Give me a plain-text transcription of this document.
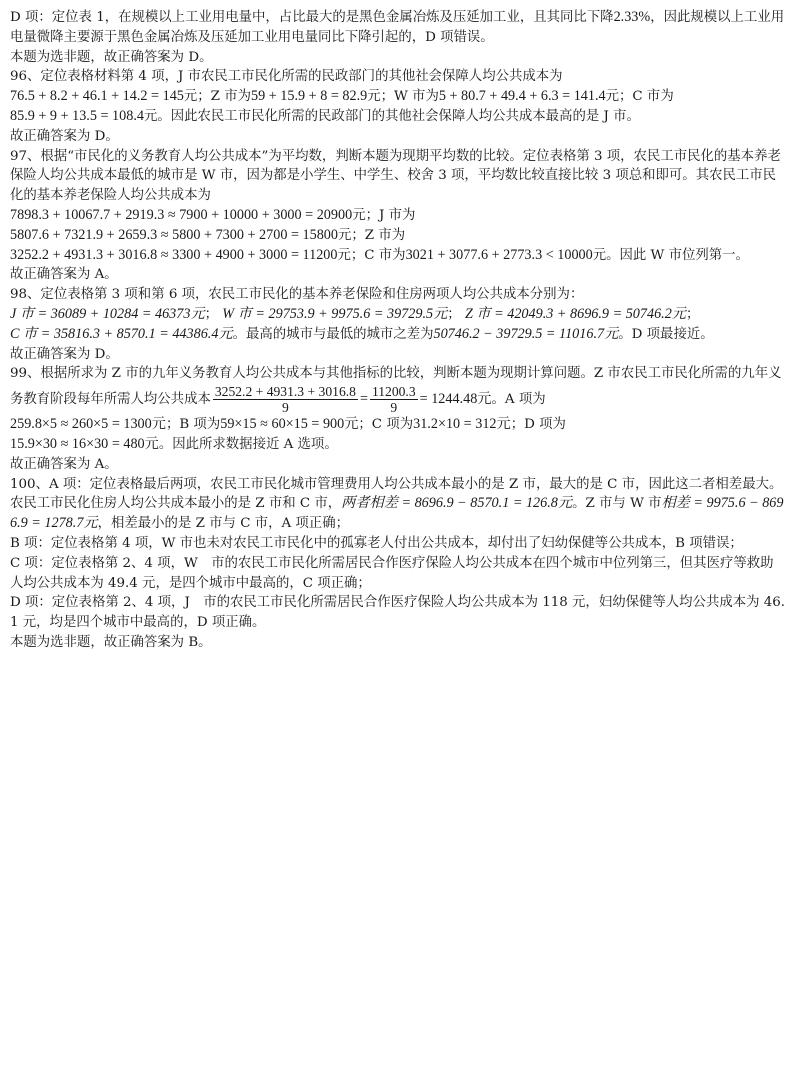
D 项：定位表 1，在规模以上工业用电量中，占比最大的是黑色金属冶炼及压延加工业，且其同比下降2.33%，因此规模以上工业用电量微降主要源于黑色金属冶炼及压延加工业用电量同比下降引起的，D 项错误。

本题为选非题，故正确答案为 D。

96、定位表格材料第 4 项，J 市农民工市民化所需的民政部门的其他社会保障人均公共成本为
76.5 + 8.2 + 46.1 + 14.2 = 145元；Z 市为59 + 15.9 + 8 = 82.9元；W 市为5 + 80.7 + 49.4 + 6.3 = 141.4元；C 市为
85.9 + 9 + 13.5 = 108.4元。因此农民工市民化所需的民政部门的其他社会保障人均公共成本最高的是 J 市。

故正确答案为 D。

97、根据“市民化的义务教育人均公共成本”为平均数，判断本题为现期平均数的比较。定位表格第 3 项，农民工市民化的基本养老保险人均公共成本最低的城市是 W 市，因为都是小学生、中学生、校舍 3 项，平均数比较直接比较 3 项总和即可。其农民工市民化的基本养老保险人均公共成本为
7898.3 + 10067.7 + 2919.3 ≈ 7900 + 10000 + 3000 = 20900元；J 市为
5807.6 + 7321.9 + 2659.3 ≈ 5800 + 7300 + 2700 = 15800元；Z 市为
3252.2 + 4931.3 + 3016.8 ≈ 3300 + 4900 + 3000 = 11200元；C 市为3021 + 3077.6 + 2773.3 < 10000元。因此 W 市位列第一。

故正确答案为 A。

98、定位表格第 3 项和第 6 项，农民工市民化的基本养老保险和住房两项人均公共成本分别为：
J 市 = 36089 + 10284 = 46373元； W 市 = 29753.9 + 9975.6 = 39729.5元； Z 市 = 42049.3 + 8696.9 = 50746.2元；
C 市 = 35816.3 + 8570.1 = 44386.4元。最高的城市与最低的城市之差为50746.2 − 39729.5 = 11016.7元。D 项最接近。

故正确答案为 D。

99、根据所求为 Z 市的九年义务教育人均公共成本与其他指标的比较，判断本题为现期计算问题。Z 市农民工市民化所需的九年义务教育阶段每年所需人均公共成本 $\frac{3252.2 + 4931.3 + 3016.8}{9} = \frac{11200.3}{9} = 1244.48$元。A 项为
259.8×5 ≈ 260×5 = 1300元；B 项为59×15 ≈ 60×15 = 900元；C 项为31.2×10 = 312元；D 项为
15.9×30 ≈ 16×30 = 480元。因此所求数据接近 A 选项。

故正确答案为 A。

100、A 项：定位表格最后两项，农民工市民化城市管理费用人均公共成本最小的是 Z 市，最大的是 C 市，因此这二者相差最大。农民工市民化住房人均公共成本最小的是 Z 市和 C 市，两者相差 = 8696.9 − 8570.1 = 126.8元。Z 市与 W 市相差 = 9975.6 − 8696.9 = 1278.7元，相差最小的是 Z 市与 C 市，A 项正确；

B 项：定位表格第 4 项，W 市也未对农民工市民化中的孤寡老人付出公共成本，却付出了妇幼保健等公共成本，B 项错误；

C 项：定位表格第 2、4 项，W　市的农民工市民化所需居民合作医疗保险人均公共成本在四个城市中位列第三，但其医疗等救助人均公共成本为 49.4 元，是四个城市中最高的，C 项正确；

D 项：定位表格第 2、4 项，J　市的农民工市民化所需居民合作医疗保险人均公共成本为 118 元，妇幼保健等人均公共成本为 46.1 元，均是四个城市中最高的，D 项正确。

本题为选非题，故正确答案为 B。
